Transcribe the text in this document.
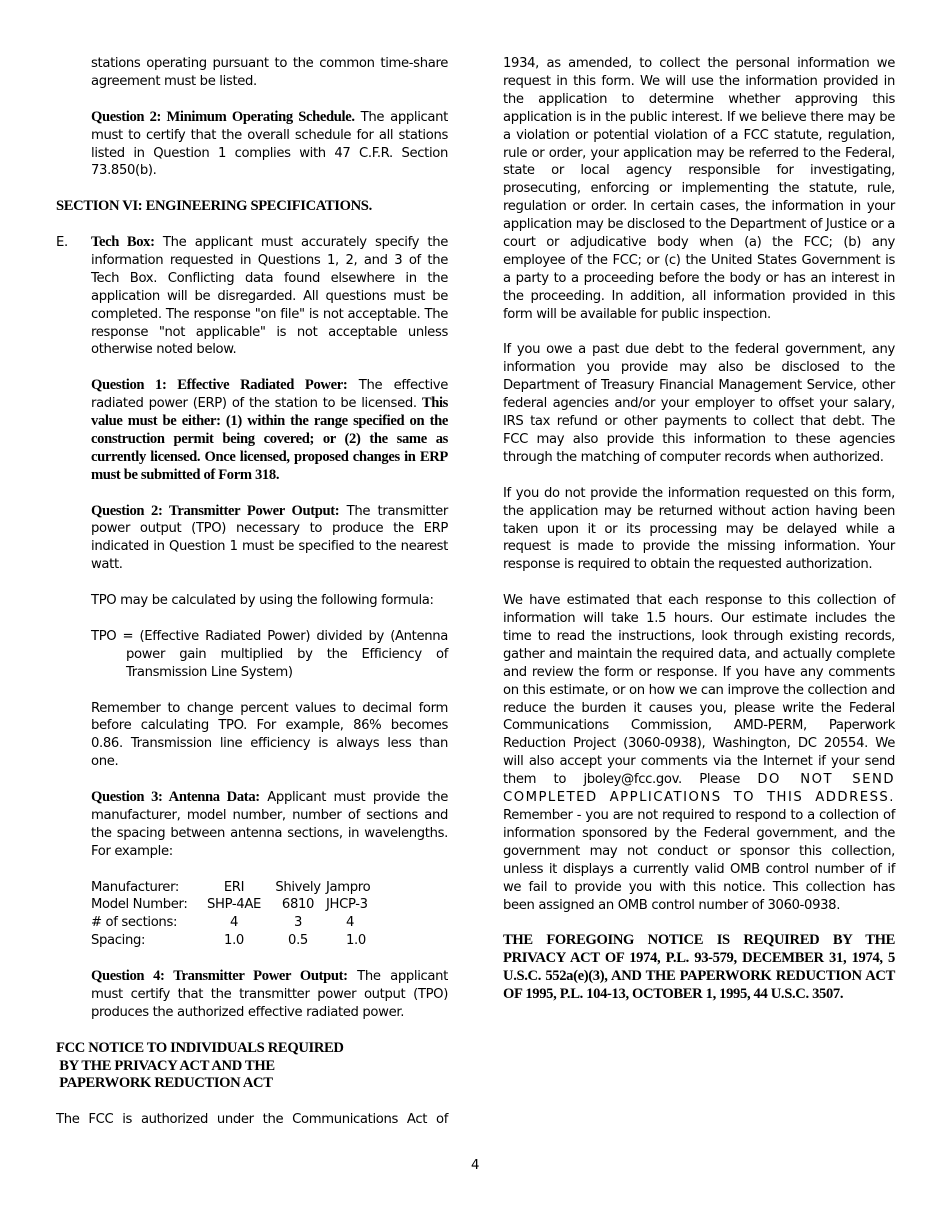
stations operating pursuant to the common time-share agreement must be listed.

Question 2: Minimum Operating Schedule. The applicant must to certify that the overall schedule for all stations listed in Question 1 complies with 47 C.F.R. Section 73.850(b).

SECTION VI: ENGINEERING SPECIFICATIONS.

E. Tech Box: The applicant must accurately specify the information requested in Questions 1, 2, and 3 of the Tech Box. Conflicting data found elsewhere in the application will be disregarded. All questions must be completed. The response "on file" is not acceptable. The response "not applicable" is not acceptable unless otherwise noted below.

Question 1: Effective Radiated Power: The effective radiated power (ERP) of the station to be licensed. This value must be either: (1) within the range specified on the construction permit being covered; or (2) the same as currently licensed. Once licensed, proposed changes in ERP must be submitted of Form 318.

Question 2: Transmitter Power Output: The transmitter power output (TPO) necessary to produce the ERP indicated in Question 1 must be specified to the nearest watt.

TPO may be calculated by using the following formula:

TPO = (Effective Radiated Power) divided by (Antenna power gain multiplied by the Efficiency of Transmission Line System)

Remember to change percent values to decimal form before calculating TPO. For example, 86% becomes 0.86. Transmission line efficiency is always less than one.

Question 3: Antenna Data: Applicant must provide the manufacturer, model number, number of sections and the spacing between antenna sections, in wavelengths. For example:

Manufacturer:	ERI	Shively	Jampro
Model Number:	SHP-4AE	6810	JHCP-3
# of sections:	4	3	4
Spacing:	1.0	0.5	1.0

Question 4: Transmitter Power Output: The applicant must certify that the transmitter power output (TPO) produces the authorized effective radiated power.

FCC NOTICE TO INDIVIDUALS REQUIRED
BY THE PRIVACY ACT AND THE
PAPERWORK REDUCTION ACT

The FCC is authorized under the Communications Act of

1934, as amended, to collect the personal information we request in this form. We will use the information provided in the application to determine whether approving this application is in the public interest. If we believe there may be a violation or potential violation of a FCC statute, regulation, rule or order, your application may be referred to the Federal, state or local agency responsible for investigating, prosecuting, enforcing or implementing the statute, rule, regulation or order. In certain cases, the information in your application may be disclosed to the Department of Justice or a court or adjudicative body when (a) the FCC; (b) any employee of the FCC; or (c) the United States Government is a party to a proceeding before the body or has an interest in the proceeding. In addition, all information provided in this form will be available for public inspection.

If you owe a past due debt to the federal government, any information you provide may also be disclosed to the Department of Treasury Financial Management Service, other federal agencies and/or your employer to offset your salary, IRS tax refund or other payments to collect that debt. The FCC may also provide this information to these agencies through the matching of computer records when authorized.

If you do not provide the information requested on this form, the application may be returned without action having been taken upon it or its processing may be delayed while a request is made to provide the missing information. Your response is required to obtain the requested authorization.

We have estimated that each response to this collection of information will take 1.5 hours. Our estimate includes the time to read the instructions, look through existing records, gather and maintain the required data, and actually complete and review the form or response. If you have any comments on this estimate, or on how we can improve the collection and reduce the burden it causes you, please write the Federal Communications Commission, AMD-PERM, Paperwork Reduction Project (3060-0938), Washington, DC 20554. We will also accept your comments via the Internet if your send them to jboley@fcc.gov. Please DO NOT SEND COMPLETED APPLICATIONS TO THIS ADDRESS. Remember - you are not required to respond to a collection of information sponsored by the Federal government, and the government may not conduct or sponsor this collection, unless it displays a currently valid OMB control number of if we fail to provide you with this notice. This collection has been assigned an OMB control number of 3060-0938.

THE FOREGOING NOTICE IS REQUIRED BY THE PRIVACY ACT OF 1974, P.L. 93-579, DECEMBER 31, 1974, 5 U.S.C. 552a(e)(3), AND THE PAPERWORK REDUCTION ACT OF 1995, P.L. 104-13, OCTOBER 1, 1995, 44 U.S.C. 3507.

4
